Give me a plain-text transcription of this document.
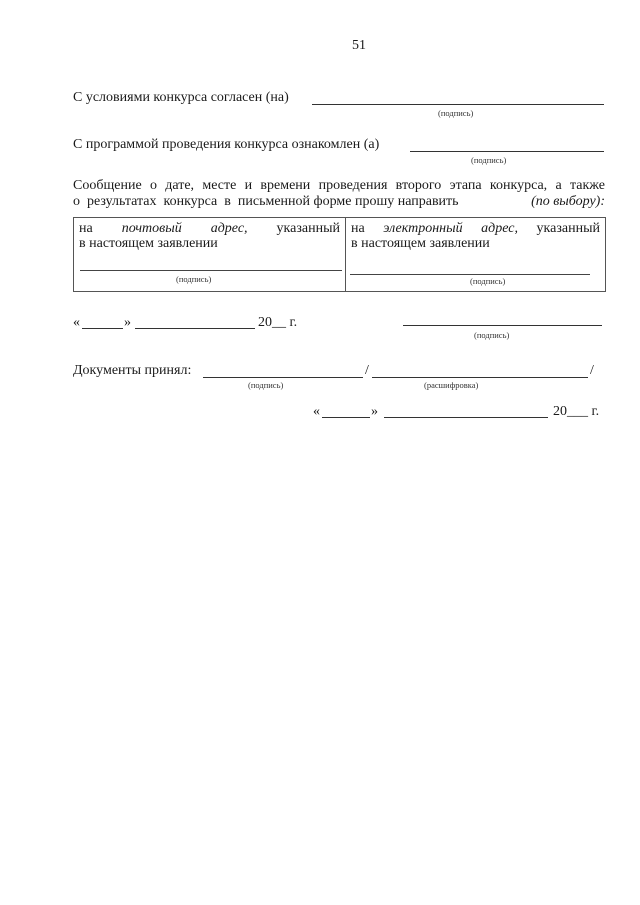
51
С условиями конкурса согласен (на)
(подпись)
С программой проведения конкурса ознакомлен (а)
(подпись)
Сообщение о дате, месте и времени проведения второго этапа конкурса, а также
о  результатах  конкурса  в  письменной форме прошу направить	(по выбору):
на почтовый адрес, указанный
в настоящем заявлении
(подпись)
на электронный адрес, указанный
в настоящем заявлении
(подпись)
«	»	20__ г.
(подпись)
Документы принял:	/	/
(подпись)	(расшифровка)
«	»	20___ г.
